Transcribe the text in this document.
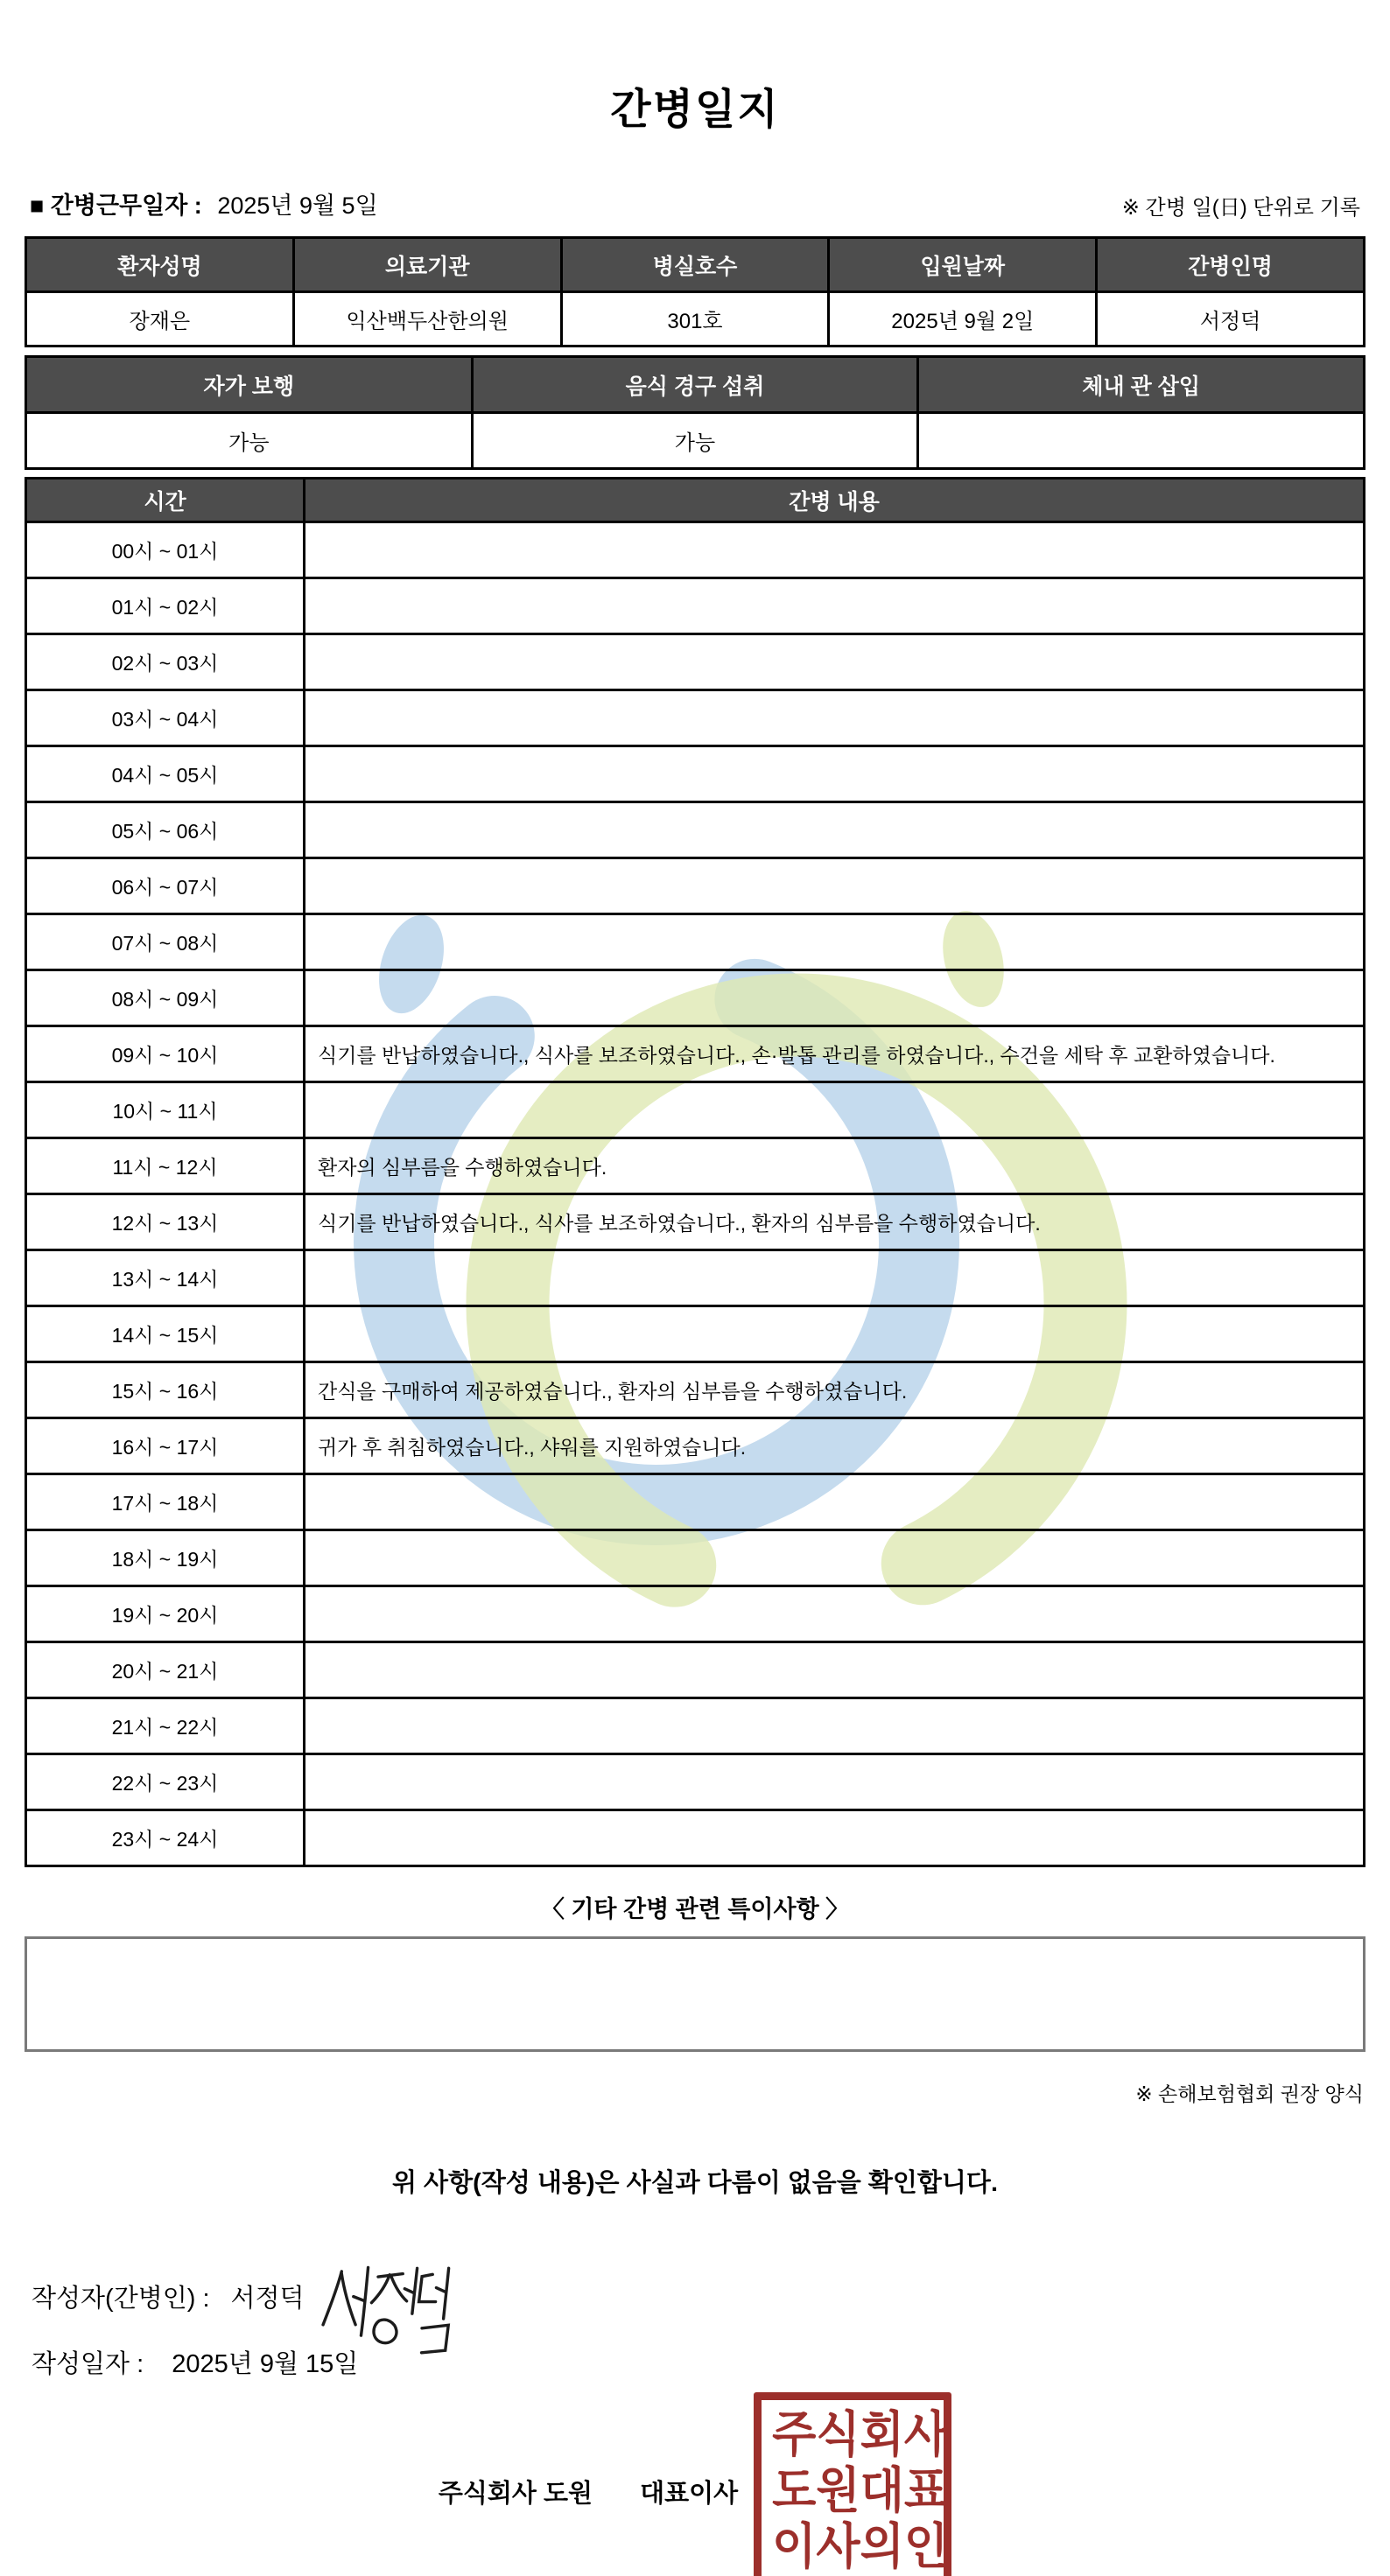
간병일지
■ 간병근무일자 : 2025년 9월 5일	※ 간병 일(日) 단위로 기록
환자성명	의료기관	병실호수	입원날짜	간병인명
장재은	익산백두산한의원	301호	2025년 9월 2일	서정덕
자가 보행	음식 경구 섭취	체내 관 삽입
가능	가능	
시간	간병 내용
00시 ~ 01시	
01시 ~ 02시	
02시 ~ 03시	
03시 ~ 04시	
04시 ~ 05시	
05시 ~ 06시	
06시 ~ 07시	
07시 ~ 08시	
08시 ~ 09시	
09시 ~ 10시	식기를 반납하였습니다., 식사를 보조하였습니다., 손·발톱 관리를 하였습니다., 수건을 세탁 후 교환하였습니다.
10시 ~ 11시	
11시 ~ 12시	환자의 심부름을 수행하였습니다.
12시 ~ 13시	식기를 반납하였습니다., 식사를 보조하였습니다., 환자의 심부름을 수행하였습니다.
13시 ~ 14시	
14시 ~ 15시	
15시 ~ 16시	간식을 구매하여 제공하였습니다., 환자의 심부름을 수행하였습니다.
16시 ~ 17시	귀가 후 취침하였습니다., 샤워를 지원하였습니다.
17시 ~ 18시	
18시 ~ 19시	
19시 ~ 20시	
20시 ~ 21시	
21시 ~ 22시	
22시 ~ 23시	
23시 ~ 24시	
〈 기타 간병 관련 특이사항 〉
※ 손해보험협회 권장 양식
위 사항(작성 내용)은 사실과 다름이 없음을 확인합니다.
작성자(간병인) : 서정덕
작성일자 : 2025년 9월 15일
주식회사 도원 대표이사
주 식 회 사
도 원 대 표
이 사 의 인
